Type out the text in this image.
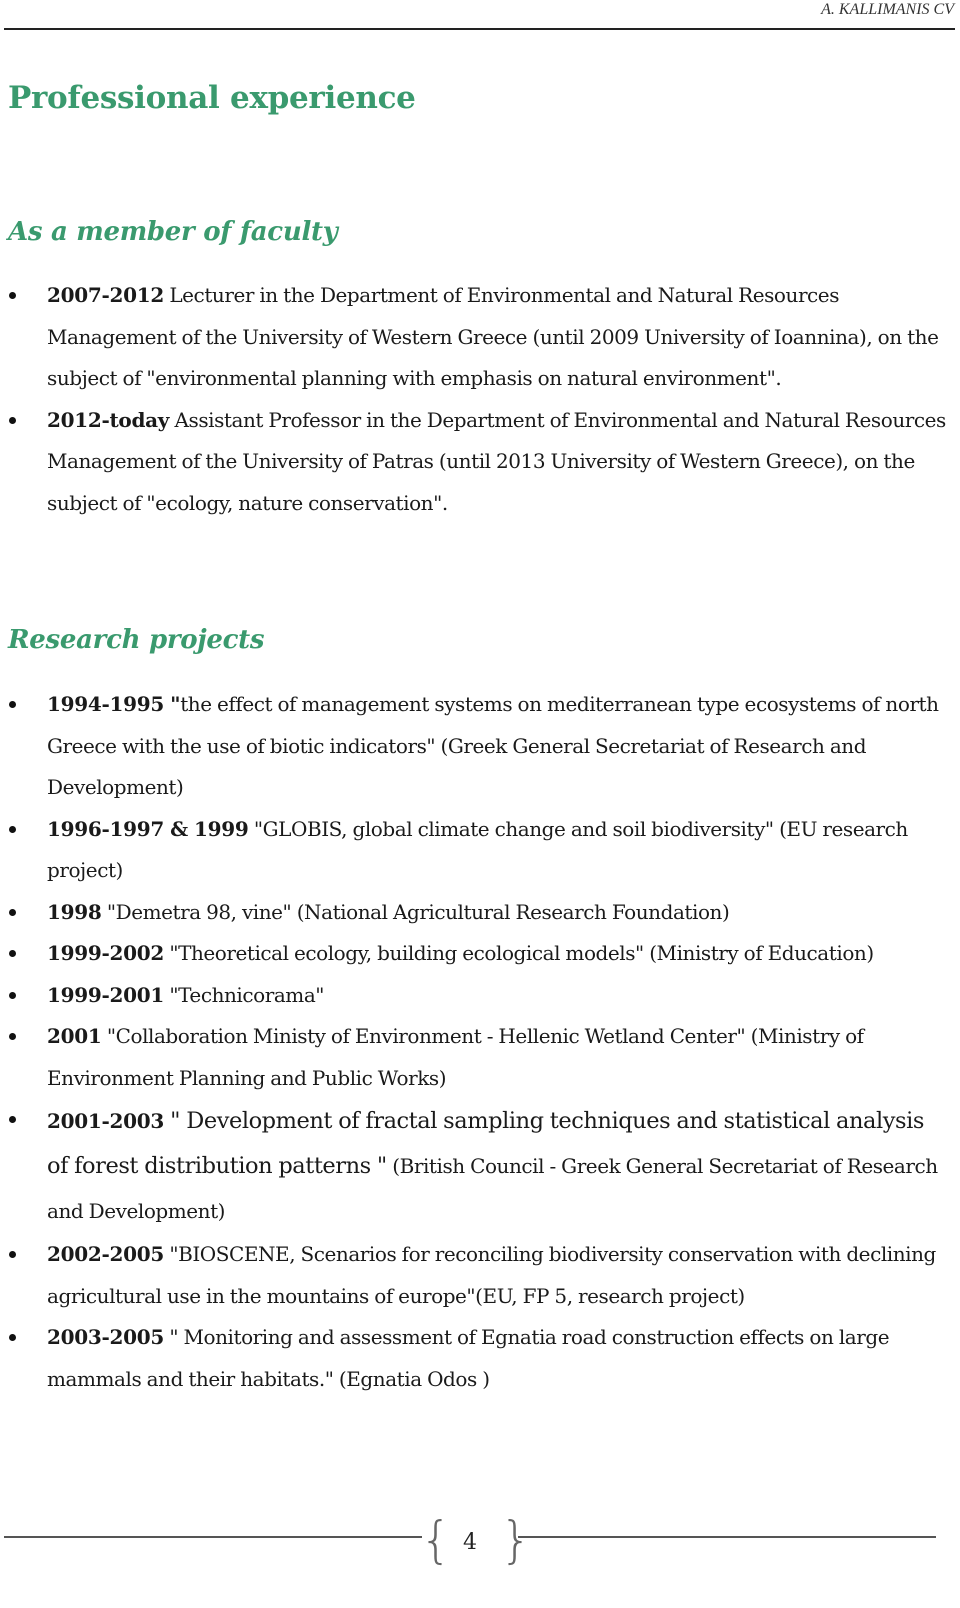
A. KALLIMANIS CV
Professional experience
As a member of faculty
2007-2012 Lecturer in the Department of Environmental and Natural Resources Management of the University of Western Greece (until 2009 University of Ioannina), on the subject of "environmental planning with emphasis on natural environment".
2012-today Assistant Professor in the Department of Environmental and Natural Resources Management of the University of Patras (until 2013 University of Western Greece), on the subject of "ecology, nature conservation".
Research projects
1994-1995 "the effect of management systems on mediterranean type ecosystems of north Greece with the use of biotic indicators" (Greek General Secretariat of Research and Development)
1996-1997 & 1999 "GLOBIS, global climate change and soil biodiversity" (EU research project)
1998 "Demetra 98, vine" (National Agricultural Research Foundation)
1999-2002 "Theoretical ecology, building ecological models" (Ministry of Education)
1999-2001 "Technicorama"
2001 "Collaboration Ministy of Environment - Hellenic Wetland Center" (Ministry of Environment Planning and Public Works)
2001-2003 " Development of fractal sampling techniques and statistical analysis of forest distribution patterns " (British Council - Greek General Secretariat of Research and Development)
2002-2005 "BIOSCENE, Scenarios for reconciling biodiversity conservation with declining agricultural use in the mountains of europe"(EU, FP 5, research project)
2003-2005 " Monitoring and assessment of Egnatia road construction effects on large mammals and their habitats." (Egnatia Odos )
{ }
4
